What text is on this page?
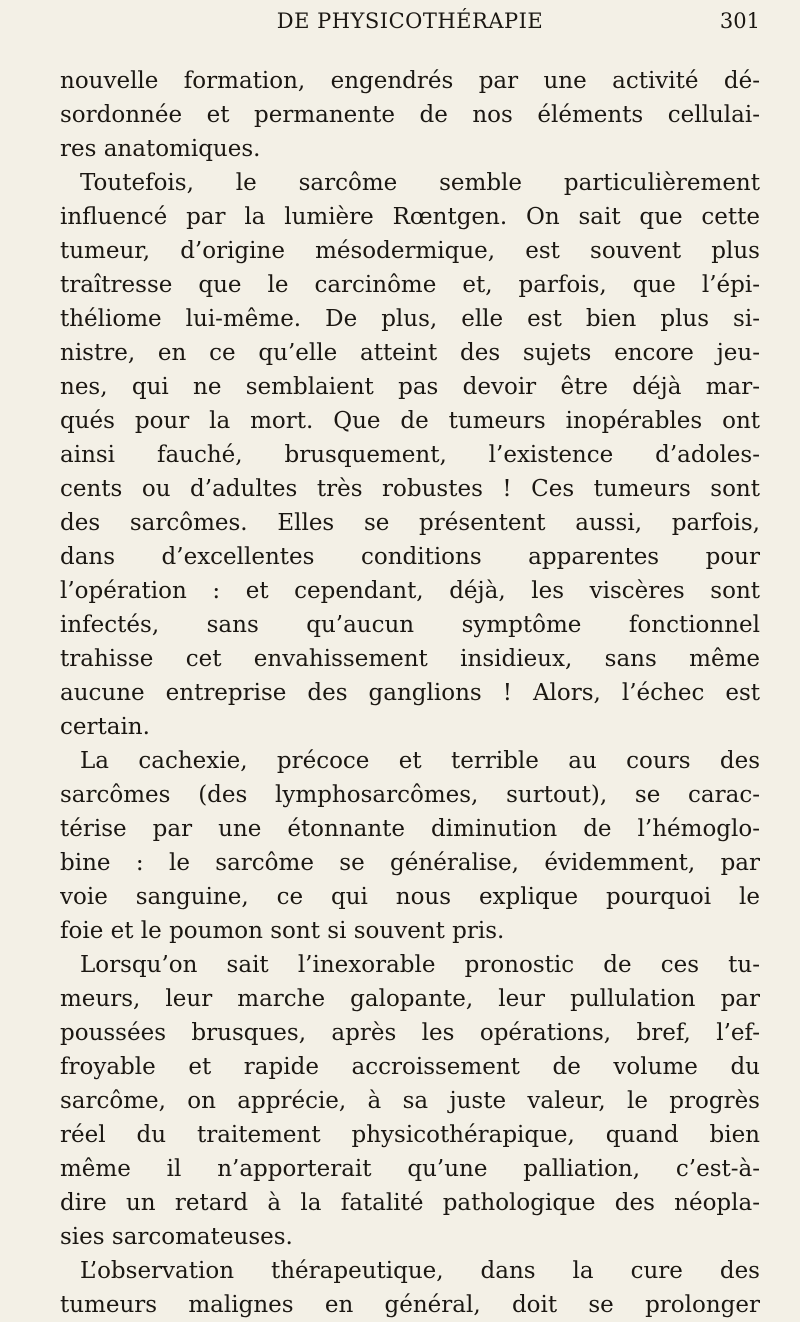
DE PHYSICOTHÉRAPIE	301
nouvelle formation, engendrés par une activité dé-
sordonnée et permanente de nos éléments cellulai-
res anatomiques.
Toutefois, le sarcôme semble particulièrement
influencé par la lumière Rœntgen. On sait que cette
tumeur, d’origine mésodermique, est souvent plus
traîtresse que le carcinôme et, parfois, que l’épi-
théliome lui-même. De plus, elle est bien plus si-
nistre, en ce qu’elle atteint des sujets encore jeu-
nes, qui ne semblaient pas devoir être déjà mar-
qués pour la mort. Que de tumeurs inopérables ont
ainsi fauché, brusquement, l’existence d’adoles-
cents ou d’adultes très robustes ! Ces tumeurs sont
des sarcômes. Elles se présentent aussi, parfois,
dans d’excellentes conditions apparentes pour
l’opération : et cependant, déjà, les viscères sont
infectés, sans qu’aucun symptôme fonctionnel
trahisse cet envahissement insidieux, sans même
aucune entreprise des ganglions ! Alors, l’échec est
certain.
La cachexie, précoce et terrible au cours des
sarcômes (des lymphosarcômes, surtout), se carac-
térise par une étonnante diminution de l’hémoglo-
bine : le sarcôme se généralise, évidemment, par
voie sanguine, ce qui nous explique pourquoi le
foie et le poumon sont si souvent pris.
Lorsqu’on sait l’inexorable pronostic de ces tu-
meurs, leur marche galopante, leur pullulation par
poussées brusques, après les opérations, bref, l’ef-
froyable et rapide accroissement de volume du
sarcôme, on apprécie, à sa juste valeur, le progrès
réel du traitement physicothérapique, quand bien
même il n’apporterait qu’une palliation, c’est-à-
dire un retard à la fatalité pathologique des néopla-
sies sarcomateuses.
L’observation thérapeutique, dans la cure des
tumeurs malignes en général, doit se prolonger
